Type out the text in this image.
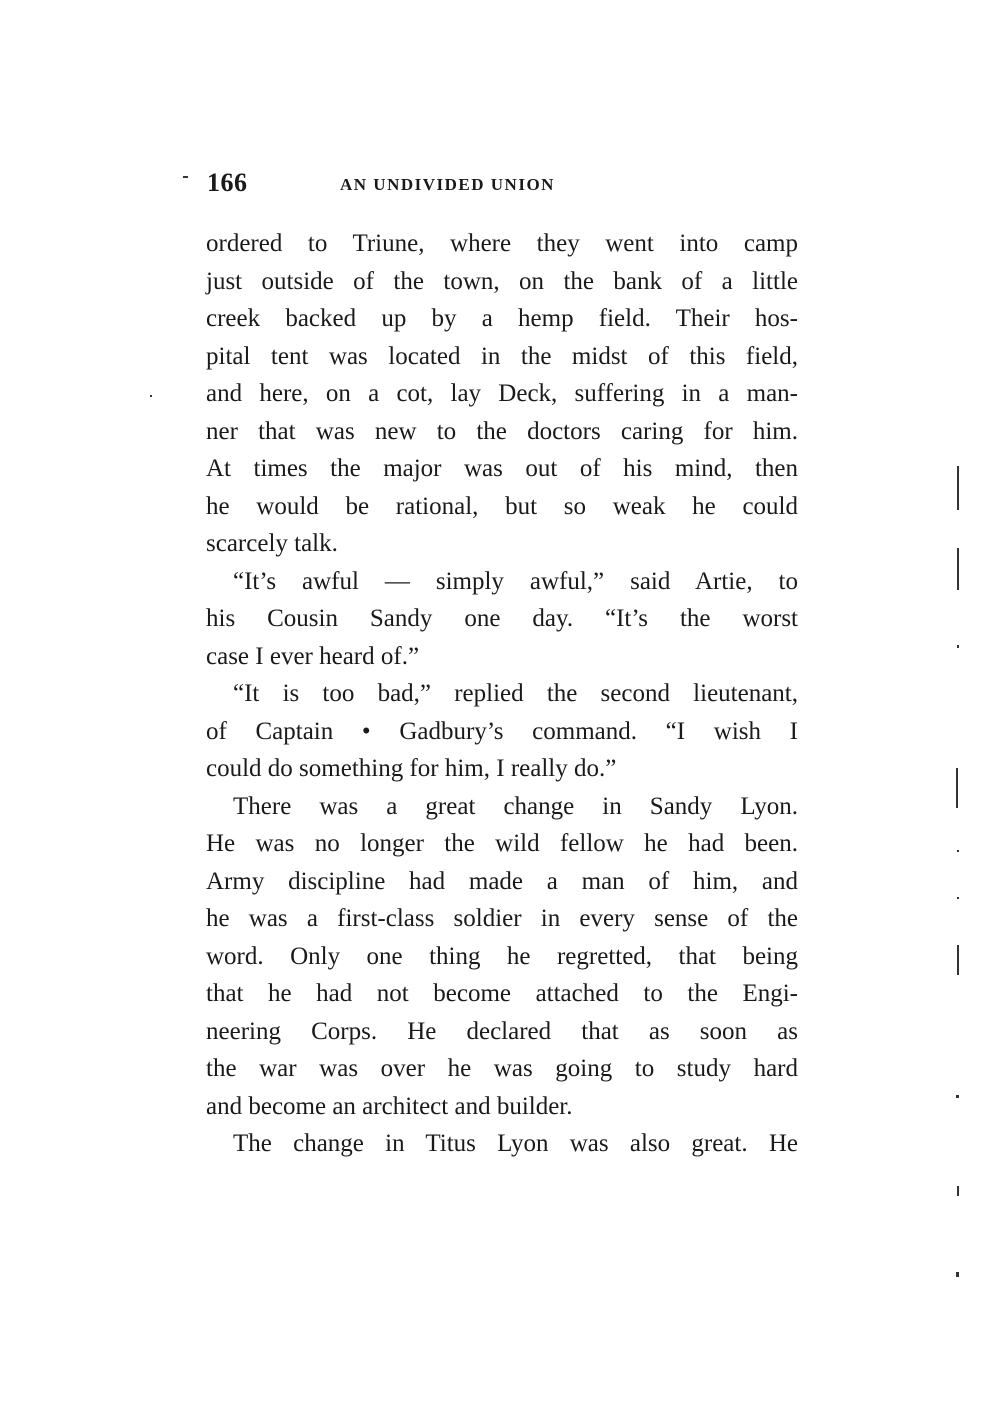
166	AN UNDIVIDED UNION

ordered to Triune, where they went into camp

just outside of the town, on the bank of a little

creek backed up by a hemp field. Their hos-

pital tent was located in the midst of this field,

and here, on a cot, lay Deck, suffering in a man-

ner that was new to the doctors caring for him.

At times the major was out of his mind, then

he would be rational, but so weak he could

scarcely talk.

“It’s awful — simply awful,” said Artie, to

his Cousin Sandy one day. “It’s the worst

case I ever heard of.”

“It is too bad,” replied the second lieutenant,

of Captain • Gadbury’s command. “I wish I

could do something for him, I really do.”

There was a great change in Sandy Lyon.

He was no longer the wild fellow he had been.

Army discipline had made a man of him, and

he was a first-class soldier in every sense of the

word. Only one thing he regretted, that being

that he had not become attached to the Engi-

neering Corps. He declared that as soon as

the war was over he was going to study hard

and become an architect and builder.

The change in Titus Lyon was also great. He
